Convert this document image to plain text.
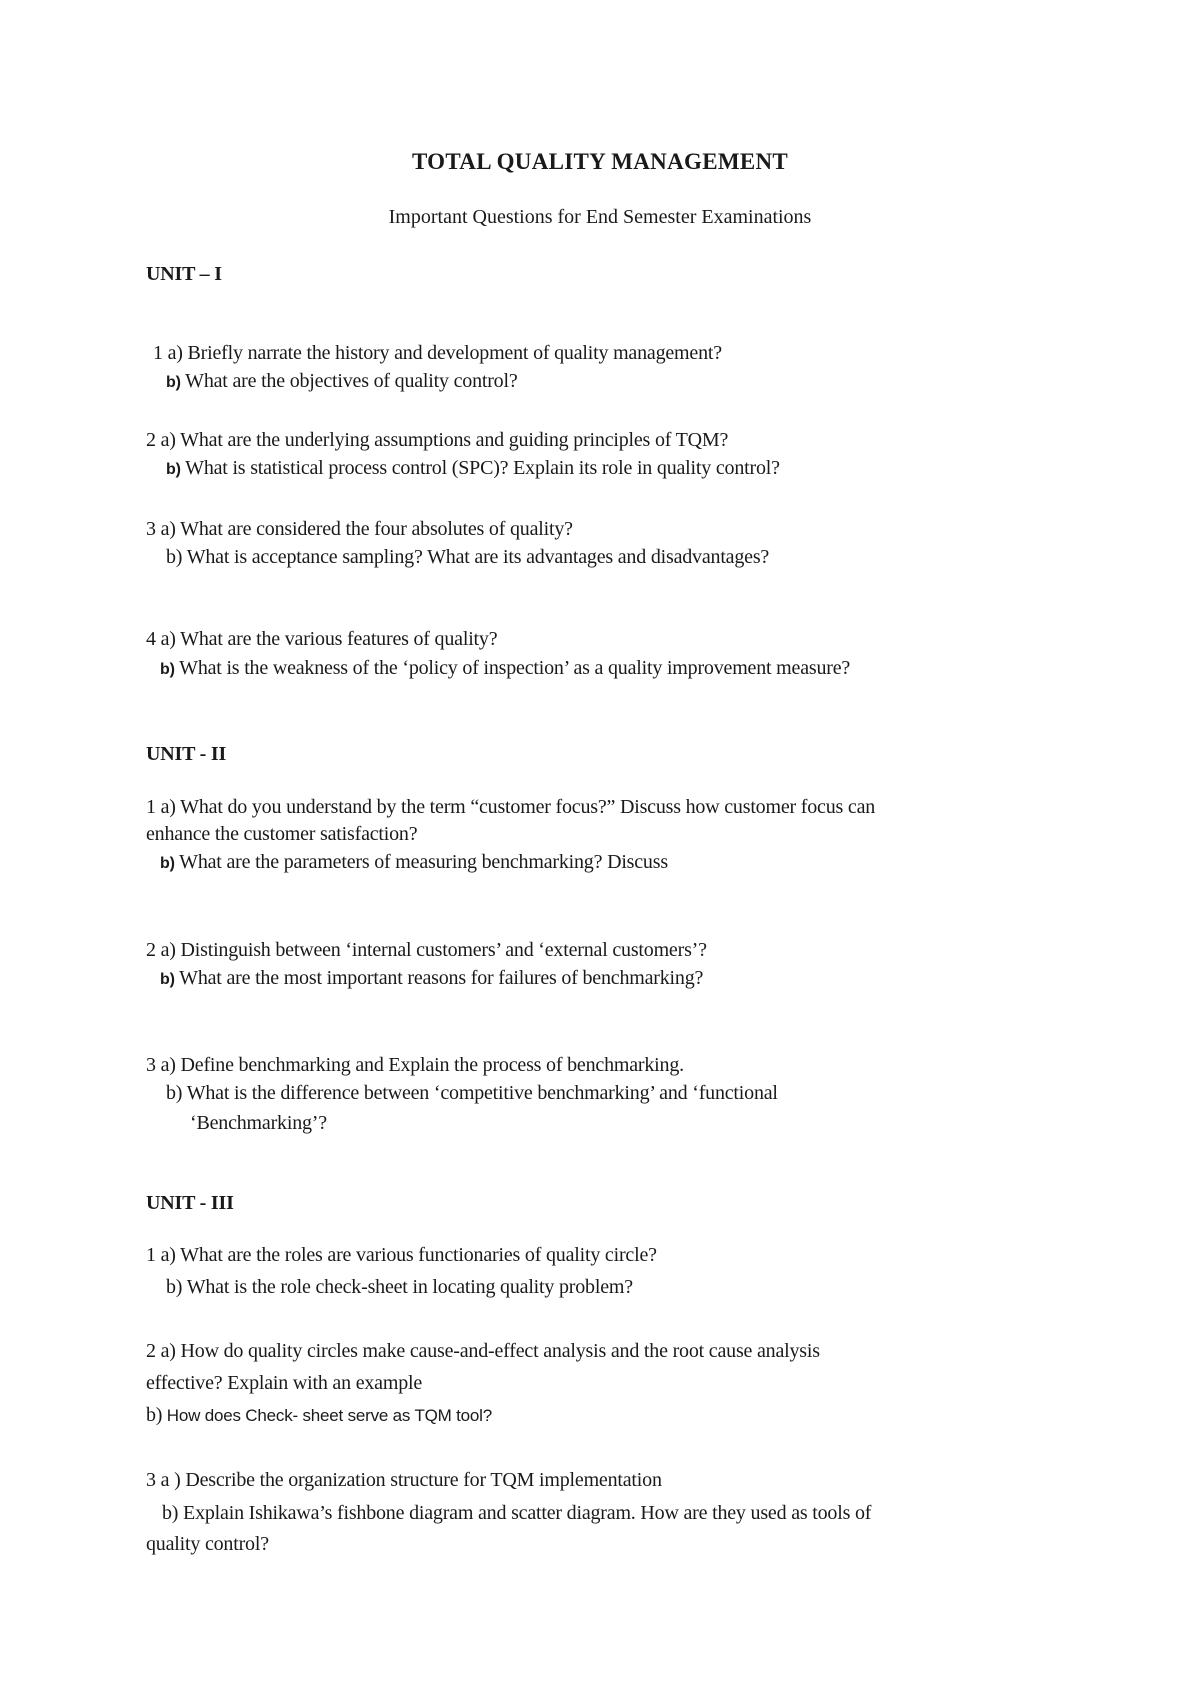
TOTAL QUALITY MANAGEMENT
Important Questions for End Semester Examinations
UNIT – I
1 a) Briefly narrate the history and development of quality management?
b) What are the objectives of quality control?
2 a) What are the underlying assumptions and guiding principles of TQM?
b) What is statistical process control (SPC)? Explain its role in quality control?
3 a) What are considered the four absolutes of quality?
b) What is acceptance sampling? What are its advantages and disadvantages?
4 a) What are the various features of quality?
b) What is the weakness of the ‘policy of inspection’ as a quality improvement measure?
UNIT - II
1 a) What do you understand by the term “customer focus?” Discuss how customer focus can
enhance the customer satisfaction?
b) What are the parameters of measuring benchmarking? Discuss
2 a) Distinguish between ‘internal customers’ and ‘external customers’?
b) What are the most important reasons for failures of benchmarking?
3 a) Define benchmarking and Explain the process of benchmarking.
b) What is the difference between ‘competitive benchmarking’ and ‘functional
‘Benchmarking’?
UNIT - III
1 a) What are the roles are various functionaries of quality circle?
b) What is the role check-sheet in locating quality problem?
2 a) How do quality circles make cause-and-effect analysis and the root cause analysis
effective? Explain with an example
b) How does Check- sheet serve as TQM tool?
3 a ) Describe the organization structure for TQM implementation
b) Explain Ishikawa’s fishbone diagram and scatter diagram. How are they used as tools of
quality control?
